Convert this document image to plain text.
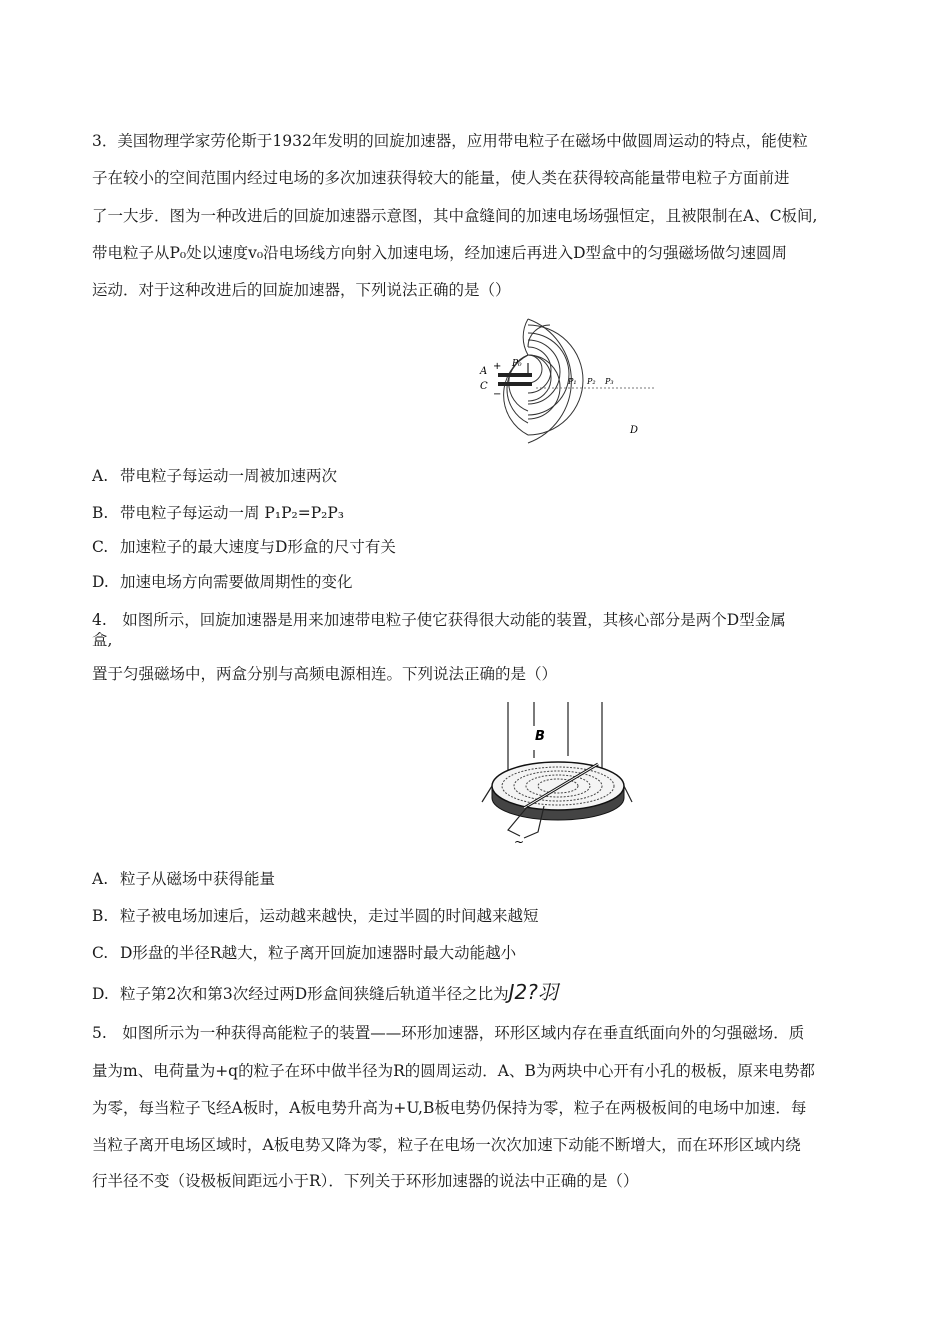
3．美国物理学家劳伦斯于1932年发明的回旋加速器，应用带电粒子在磁场中做圆周运动的特点，能使粒
子在较小的空间范围内经过电场的多次加速获得较大的能量，使人类在获得较高能量带电粒子方面前进
了一大步．图为一种改进后的回旋加速器示意图，其中盒缝间的加速电场场强恒定，且被限制在A、C板间,
带电粒子从P₀处以速度v₀沿电场线方向射入加速电场，经加速后再进入D型盒中的匀强磁场做匀速圆周
运动．对于这种改进后的回旋加速器，下列说法正确的是（）
A
C
+
−
P₀
P₁ P₂ P₃
D
A. 带电粒子每运动一周被加速两次
B. 带电粒子每运动一周 P₁P₂=P₂P₃
C. 加速粒子的最大速度与D形盒的尺寸有关
D. 加速电场方向需要做周期性的变化
4.　如图所示，回旋加速器是用来加速带电粒子使它获得很大动能的装置，其核心部分是两个D型金属
盒,
置于匀强磁场中，两盒分别与高频电源相连。下列说法正确的是（）
B
~
A. 粒子从磁场中获得能量
B. 粒子被电场加速后，运动越来越快，走过半圆的时间越来越短
C. D形盘的半径R越大，粒子离开回旋加速器时最大动能越小
D. 粒子第2次和第3次经过两D形盒间狭缝后轨道半径之比为J2?羽
5.　如图所示为一种获得高能粒子的装置——环形加速器，环形区域内存在垂直纸面向外的匀强磁场．质
量为m、电荷量为+q的粒子在环中做半径为R的圆周运动．A、B为两块中心开有小孔的极板，原来电势都
为零，每当粒子飞经A板时，A板电势升高为+U,B板电势仍保持为零，粒子在两极板间的电场中加速．每
当粒子离开电场区域时，A板电势又降为零，粒子在电场一次次加速下动能不断增大，而在环形区域内绕
行半径不变（设极板间距远小于R）．下列关于环形加速器的说法中正确的是（）
